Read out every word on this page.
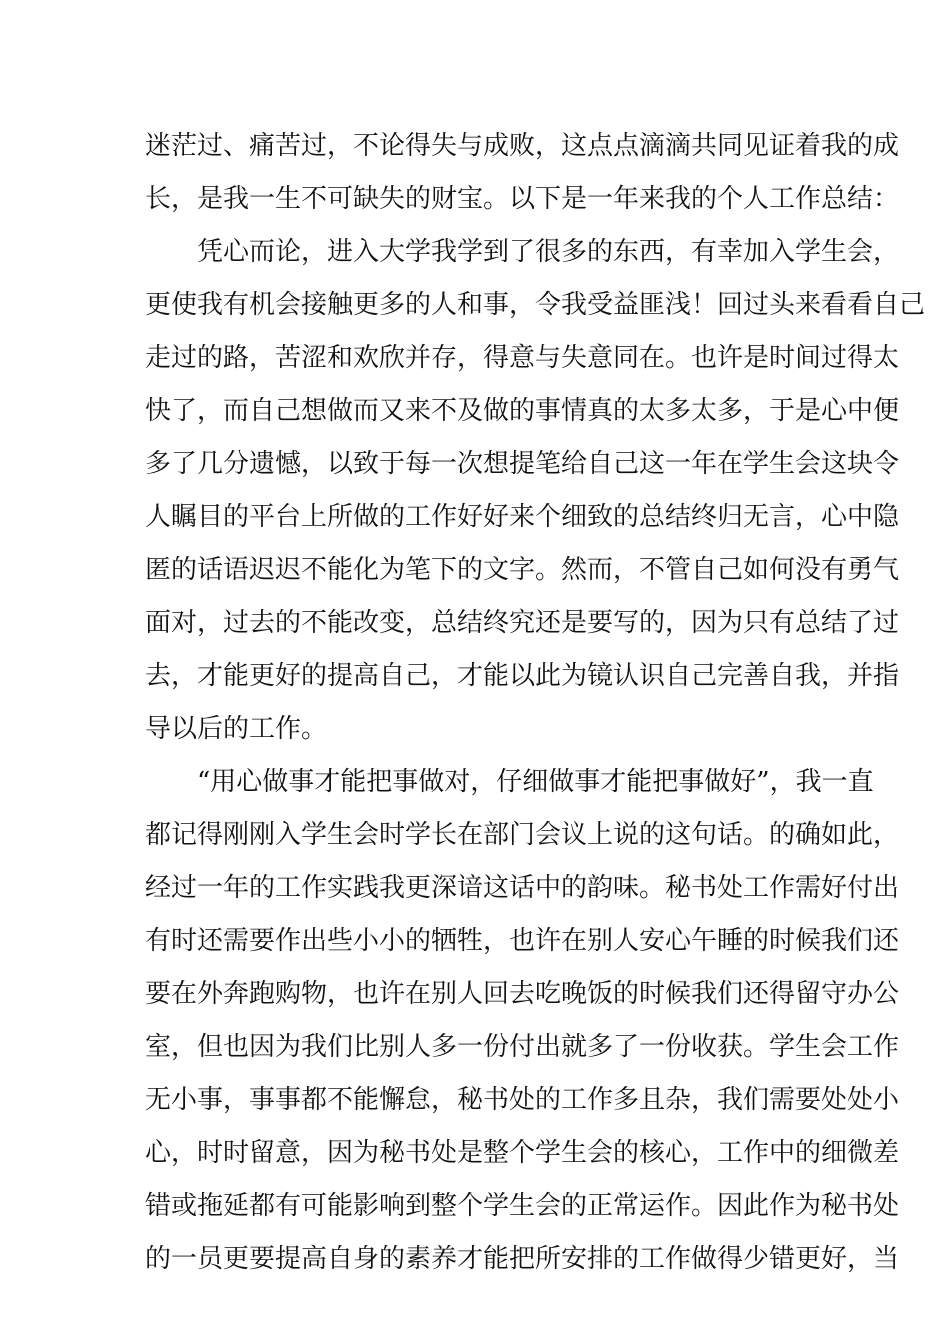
迷茫过、痛苦过，不论得失与成败，这点点滴滴共同见证着我的成
长，是我一生不可缺失的财宝。以下是一年来我的个人工作总结：
凭心而论，进入大学我学到了很多的东西，有幸加入学生会，
更使我有机会接触更多的人和事，令我受益匪浅！回过头来看看自己
走过的路，苦涩和欢欣并存，得意与失意同在。也许是时间过得太
快了，而自己想做而又来不及做的事情真的太多太多，于是心中便
多了几分遗憾，以致于每一次想提笔给自己这一年在学生会这块令
人瞩目的平台上所做的工作好好来个细致的总结终归无言，心中隐
匿的话语迟迟不能化为笔下的文字。然而，不管自己如何没有勇气
面对，过去的不能改变，总结终究还是要写的，因为只有总结了过
去，才能更好的提高自己，才能以此为镜认识自己完善自我，并指
导以后的工作。
“用心做事才能把事做对，仔细做事才能把事做好”，我一直
都记得刚刚入学生会时学长在部门会议上说的这句话。的确如此，
经过一年的工作实践我更深谙这话中的韵味。秘书处工作需好付出
有时还需要作出些小小的牺牲，也许在别人安心午睡的时候我们还
要在外奔跑购物，也许在别人回去吃晚饭的时候我们还得留守办公
室，但也因为我们比别人多一份付出就多了一份收获。学生会工作
无小事，事事都不能懈怠，秘书处的工作多且杂，我们需要处处小
心，时时留意，因为秘书处是整个学生会的核心，工作中的细微差
错或拖延都有可能影响到整个学生会的正常运作。因此作为秘书处
的一员更要提高自身的素养才能把所安排的工作做得少错更好，当
